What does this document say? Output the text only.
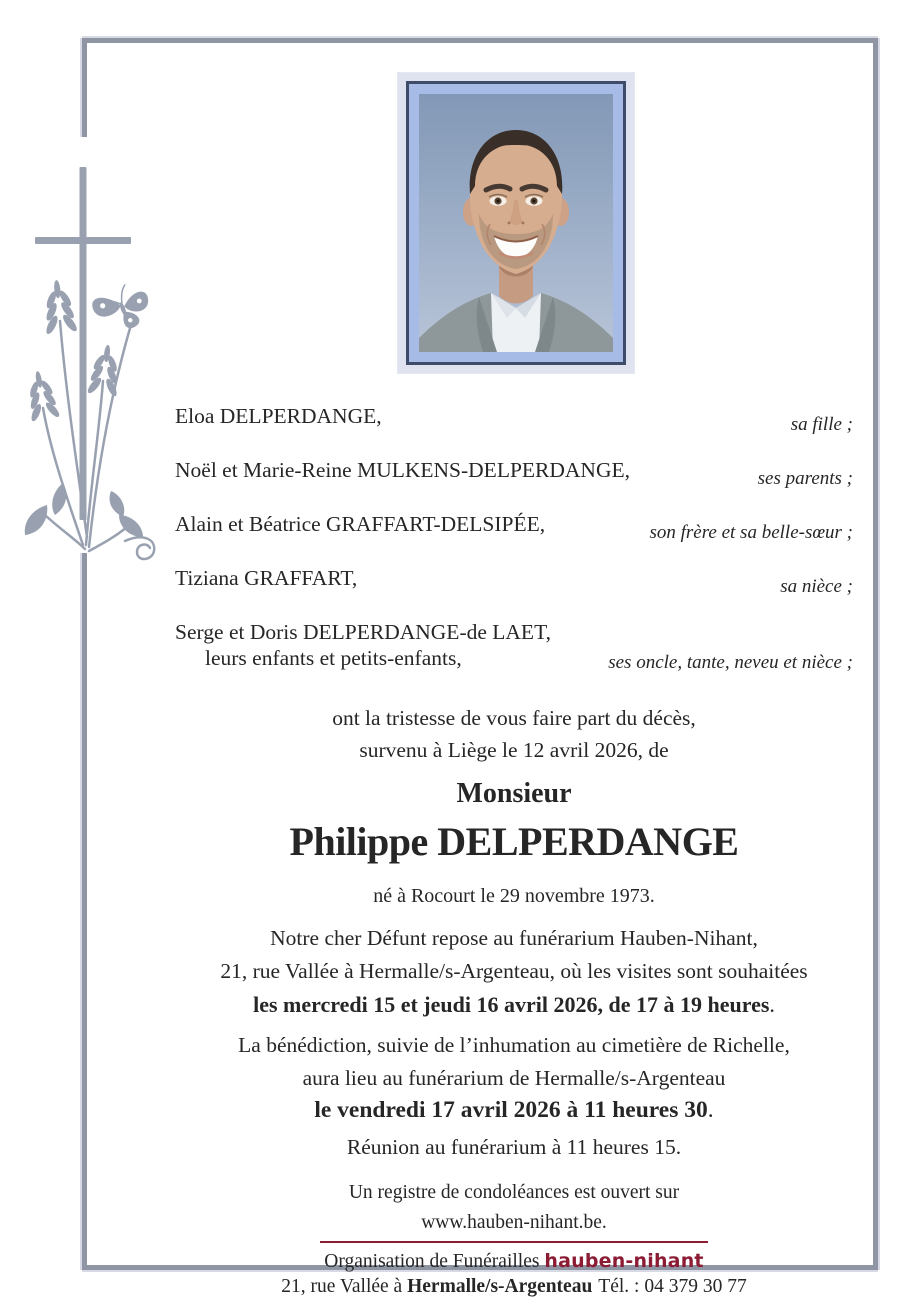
Eloa DELPERDANGE,	sa fille ;
Noël et Marie-Reine MULKENS-DELPERDANGE,	ses parents ;
Alain et Béatrice GRAFFART-DELSIPÉE,	son frère et sa belle-sœur ;
Tiziana GRAFFART,	sa nièce ;
Serge et Doris DELPERDANGE-de LAET,
leurs enfants et petits-enfants,	ses oncle, tante, neveu et nièce ;
ont la tristesse de vous faire part du décès,
survenu à Liège le 12 avril 2026, de
Monsieur
Philippe DELPERDANGE
né à Rocourt le 29 novembre 1973.
Notre cher Défunt repose au funérarium Hauben-Nihant,
21, rue Vallée à Hermalle/s-Argenteau, où les visites sont souhaitées
les mercredi 15 et jeudi 16 avril 2026, de 17 à 19 heures.
La bénédiction, suivie de l’inhumation au cimetière de Richelle,
aura lieu au funérarium de Hermalle/s-Argenteau
le vendredi 17 avril 2026 à 11 heures 30.
Réunion au funérarium à 11 heures 15.
Un registre de condoléances est ouvert sur
www.hauben-nihant.be.
Organisation de Funérailles hauben-nihant
21, rue Vallée à Hermalle/s-Argenteau Tél. : 04 379 30 77
